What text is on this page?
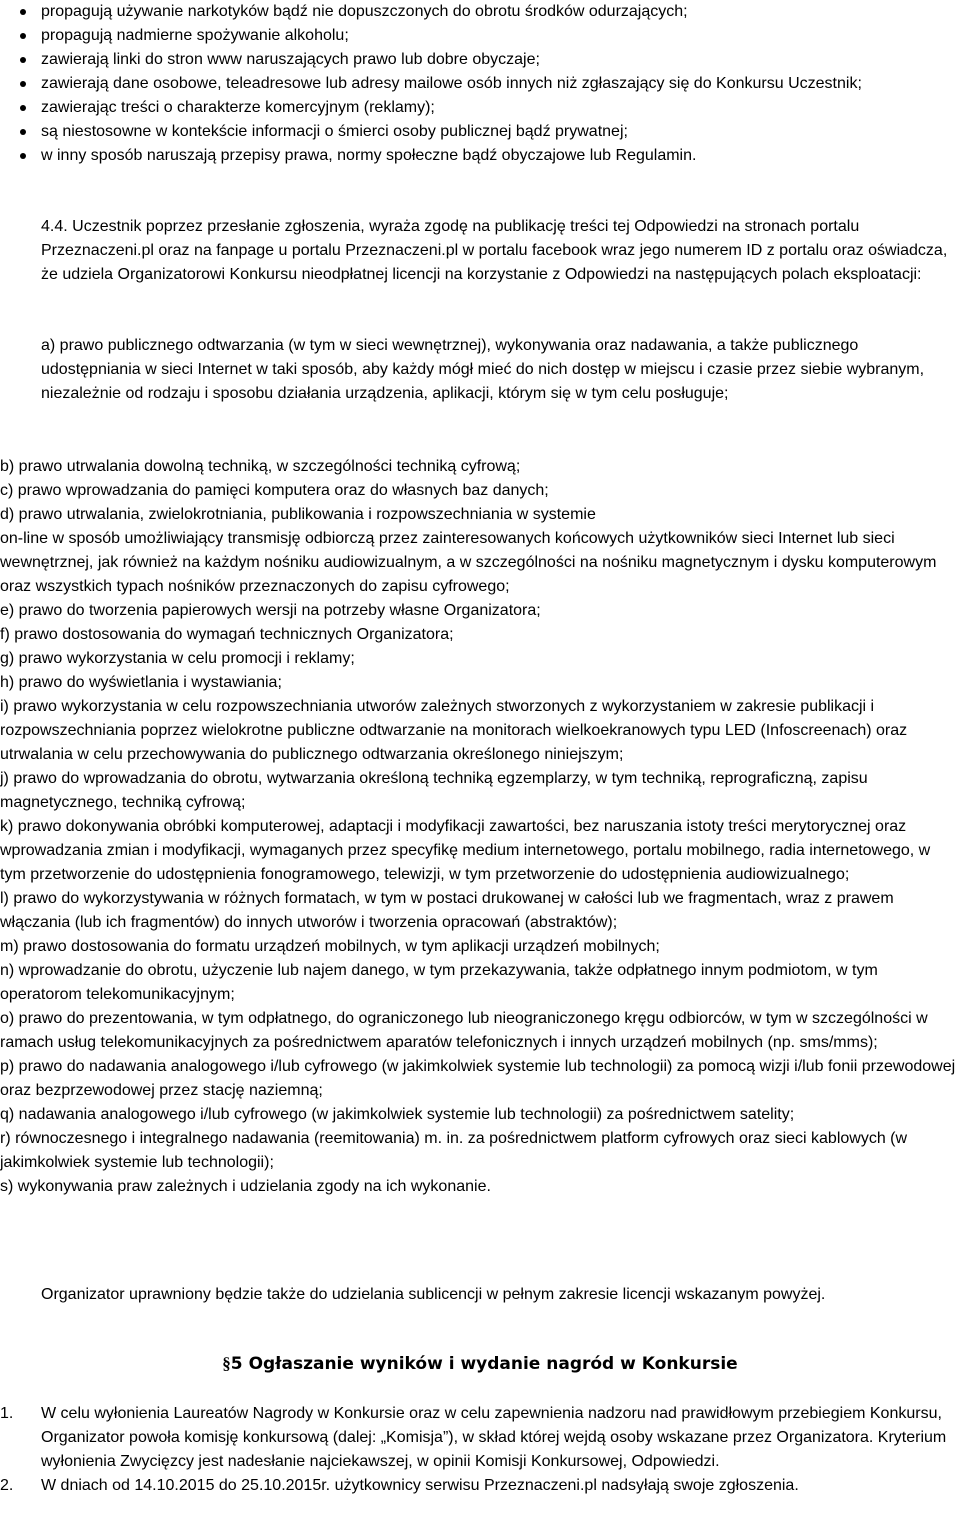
propagują używanie narkotyków bądź nie dopuszczonych do obrotu środków odurzających;
propagują nadmierne spożywanie alkoholu;
zawierają linki do stron www naruszających prawo lub dobre obyczaje;
zawierają dane osobowe, teleadresowe lub adresy mailowe osób innych niż zgłaszający się do Konkursu Uczestnik;
zawierając treści o charakterze komercyjnym (reklamy);
są niestosowne w kontekście informacji o śmierci osoby publicznej bądź prywatnej;
w inny sposób naruszają przepisy prawa, normy społeczne bądź obyczajowe lub Regulamin.

4.4. Uczestnik poprzez przesłanie zgłoszenia, wyraża zgodę na publikację treści tej Odpowiedzi na stronach portalu Przeznaczeni.pl oraz na fanpage u portalu Przeznaczeni.pl w portalu facebook wraz jego numerem ID z portalu oraz oświadcza, że udziela Organizatorowi Konkursu nieodpłatnej licencji na korzystanie z Odpowiedzi na następujących polach eksploatacji:

a) prawo publicznego odtwarzania (w tym w sieci wewnętrznej), wykonywania oraz nadawania, a także publicznego udostępniania w sieci Internet w taki sposób, aby każdy mógł mieć do nich dostęp w miejscu i czasie przez siebie wybranym, niezależnie od rodzaju i sposobu działania urządzenia, aplikacji, którym się w tym celu posługuje;

b) prawo utrwalania dowolną techniką, w szczególności techniką cyfrową;
c) prawo wprowadzania do pamięci komputera oraz do własnych baz danych;
d) prawo utrwalania, zwielokrotniania, publikowania i rozpowszechniania w systemie
on-line w sposób umożliwiający transmisję odbiorczą przez zainteresowanych końcowych użytkowników sieci Internet lub sieci wewnętrznej, jak również na każdym nośniku audiowizualnym, a w szczególności na nośniku magnetycznym i dysku komputerowym oraz wszystkich typach nośników przeznaczonych do zapisu cyfrowego;
e) prawo do tworzenia papierowych wersji na potrzeby własne Organizatora;
f) prawo dostosowania do wymagań technicznych Organizatora;
g) prawo wykorzystania w celu promocji i reklamy;
h) prawo do wyświetlania i wystawiania;
i) prawo wykorzystania w celu rozpowszechniania utworów zależnych stworzonych z wykorzystaniem w zakresie publikacji i rozpowszechniania poprzez wielokrotne publiczne odtwarzanie na monitorach wielkoekranowych typu LED (Infoscreenach) oraz utrwalania w celu przechowywania do publicznego odtwarzania określonego niniejszym;
j) prawo do wprowadzania do obrotu, wytwarzania określoną techniką egzemplarzy, w tym techniką, reprograficzną, zapisu magnetycznego, techniką cyfrową;
k) prawo dokonywania obróbki komputerowej, adaptacji i modyfikacji zawartości, bez naruszania istoty treści merytorycznej oraz wprowadzania zmian i modyfikacji, wymaganych przez specyfikę medium internetowego, portalu mobilnego, radia internetowego, w tym przetworzenie do udostępnienia fonogramowego, telewizji, w tym przetworzenie do udostępnienia audiowizualnego;
l) prawo do wykorzystywania w różnych formatach, w tym w postaci drukowanej w całości lub we fragmentach, wraz z prawem włączania (lub ich fragmentów) do innych utworów i tworzenia opracowań (abstraktów);
m) prawo dostosowania do formatu urządzeń mobilnych, w tym aplikacji urządzeń mobilnych;
n) wprowadzanie do obrotu, użyczenie lub najem danego, w tym przekazywania, także odpłatnego innym podmiotom, w tym operatorom telekomunikacyjnym;
o) prawo do prezentowania, w tym odpłatnego, do ograniczonego lub nieograniczonego kręgu odbiorców, w tym w szczególności w ramach usług telekomunikacyjnych za pośrednictwem aparatów telefonicznych i innych urządzeń mobilnych (np. sms/mms);
p) prawo do nadawania analogowego i/lub cyfrowego (w jakimkolwiek systemie lub technologii) za pomocą wizji i/lub fonii przewodowej oraz bezprzewodowej przez stację naziemną;
q) nadawania analogowego i/lub cyfrowego (w jakimkolwiek systemie lub technologii) za pośrednictwem satelity;
r) równoczesnego i integralnego nadawania (reemitowania) m. in. za pośrednictwem platform cyfrowych oraz sieci kablowych (w jakimkolwiek systemie lub technologii);
s) wykonywania praw zależnych i udzielania zgody na ich wykonanie.

Organizator uprawniony będzie także do udzielania sublicencji w pełnym zakresie licencji wskazanym powyżej.

§5 Ogłaszanie wyników i wydanie nagród w Konkursie
1. W celu wyłonienia Laureatów Nagrody w Konkursie oraz w celu zapewnienia nadzoru nad prawidłowym przebiegiem Konkursu, Organizator powoła komisję konkursową (dalej: „Komisja”), w skład której wejdą osoby wskazane przez Organizatora. Kryterium wyłonienia Zwycięzcy jest nadesłanie najciekawszej, w opinii Komisji Konkursowej, Odpowiedzi.
2. W dniach od 14.10.2015 do 25.10.2015r. użytkownicy serwisu Przeznaczeni.pl nadsyłają swoje zgłoszenia.
